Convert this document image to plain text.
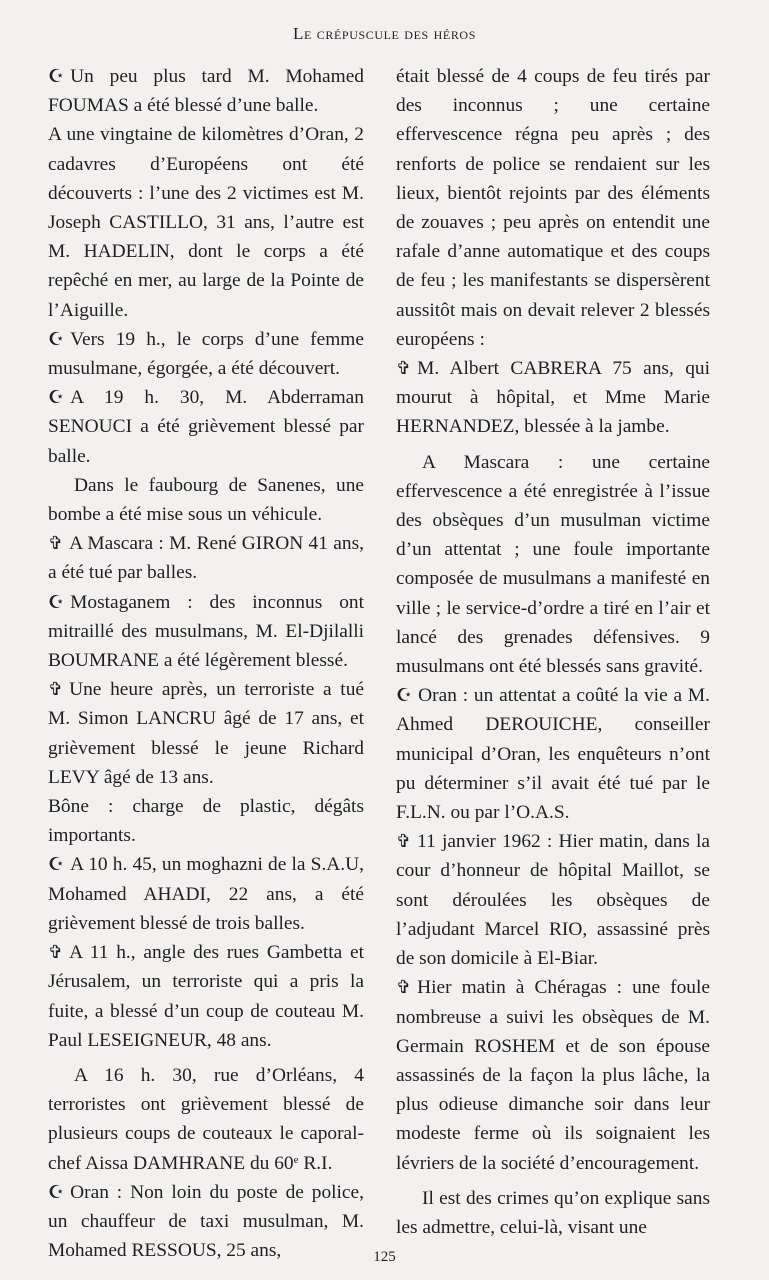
Le crépuscule des héros

☪ Un peu plus tard M. Mohamed FOUMAS a été blessé d’une balle.

A une vingtaine de kilomètres d’Oran, 2 cadavres d’Européens ont été découverts : l’une des 2 victimes est M. Joseph CASTILLO, 31 ans, l’autre est M. HADELIN, dont le corps a été repêché en mer, au large de la Pointe de l’Aiguille.

☪ Vers 19 h., le corps d’une femme musulmane, égorgée, a été découvert.

☪ A 19 h. 30, M. Abderraman SENOUCI a été grièvement blessé par balle.

Dans le faubourg de Sanenes, une bombe a été mise sous un véhicule.

✞ A Mascara : M. René GIRON 41 ans, a été tué par balles.

☪ Mostaganem : des inconnus ont mitraillé des musulmans, M. El-Djilalli BOUMRANE a été légèrement blessé.

✞ Une heure après, un terroriste a tué M. Simon LANCRU âgé de 17 ans, et grièvement blessé le jeune Richard LEVY âgé de 13 ans.

Bône : charge de plastic, dégâts importants.

☪ A 10 h. 45, un moghazni de la S.A.U, Mohamed AHADI, 22 ans, a été grièvement blessé de trois balles.

✞ A 11 h., angle des rues Gambetta et Jérusalem, un terroriste qui a pris la fuite, a blessé d’un coup de couteau M. Paul LESEIGNEUR, 48 ans.

A 16 h. 30, rue d’Orléans, 4 terroristes ont grièvement blessé de plusieurs coups de couteaux le caporal-chef Aissa DAMHRANE du 60e R.I.

☪ Oran : Non loin du poste de police, un chauffeur de taxi musulman, M. Mohamed RESSOUS, 25 ans,

était blessé de 4 coups de feu tirés par des inconnus ; une certaine effervescence régna peu après ; des renforts de police se rendaient sur les lieux, bientôt rejoints par des éléments de zouaves ; peu après on entendit une rafale d’anne automatique et des coups de feu ; les manifestants se dispersèrent aussitôt mais on devait relever 2 blessés européens :

✞ M. Albert CABRERA 75 ans, qui mourut à hôpital, et Mme Marie HERNANDEZ, blessée à la jambe.

A Mascara : une certaine effervescence a été enregistrée à l’issue des obsèques d’un musulman victime d’un attentat ; une foule importante composée de musulmans a manifesté en ville ; le service-d’ordre a tiré en l’air et lancé des grenades défensives. 9 musulmans ont été blessés sans gravité.

☪ Oran : un attentat a coûté la vie a M. Ahmed DEROUICHE, conseiller municipal d’Oran, les enquêteurs n’ont pu déterminer s’il avait été tué par le F.L.N. ou par l’O.A.S.

✞ 11 janvier 1962 : Hier matin, dans la cour d’honneur de hôpital Maillot, se sont déroulées les obsèques de l’adjudant Marcel RIO, assassiné près de son domicile à El-Biar.

✞ Hier matin à Chéragas : une foule nombreuse a suivi les obsèques de M. Germain ROSHEM et de son épouse assassinés de la façon la plus lâche, la plus odieuse dimanche soir dans leur modeste ferme où ils soignaient les lévriers de la société d’encouragement.

Il est des crimes qu’on explique sans les admettre, celui-là, visant une

125
